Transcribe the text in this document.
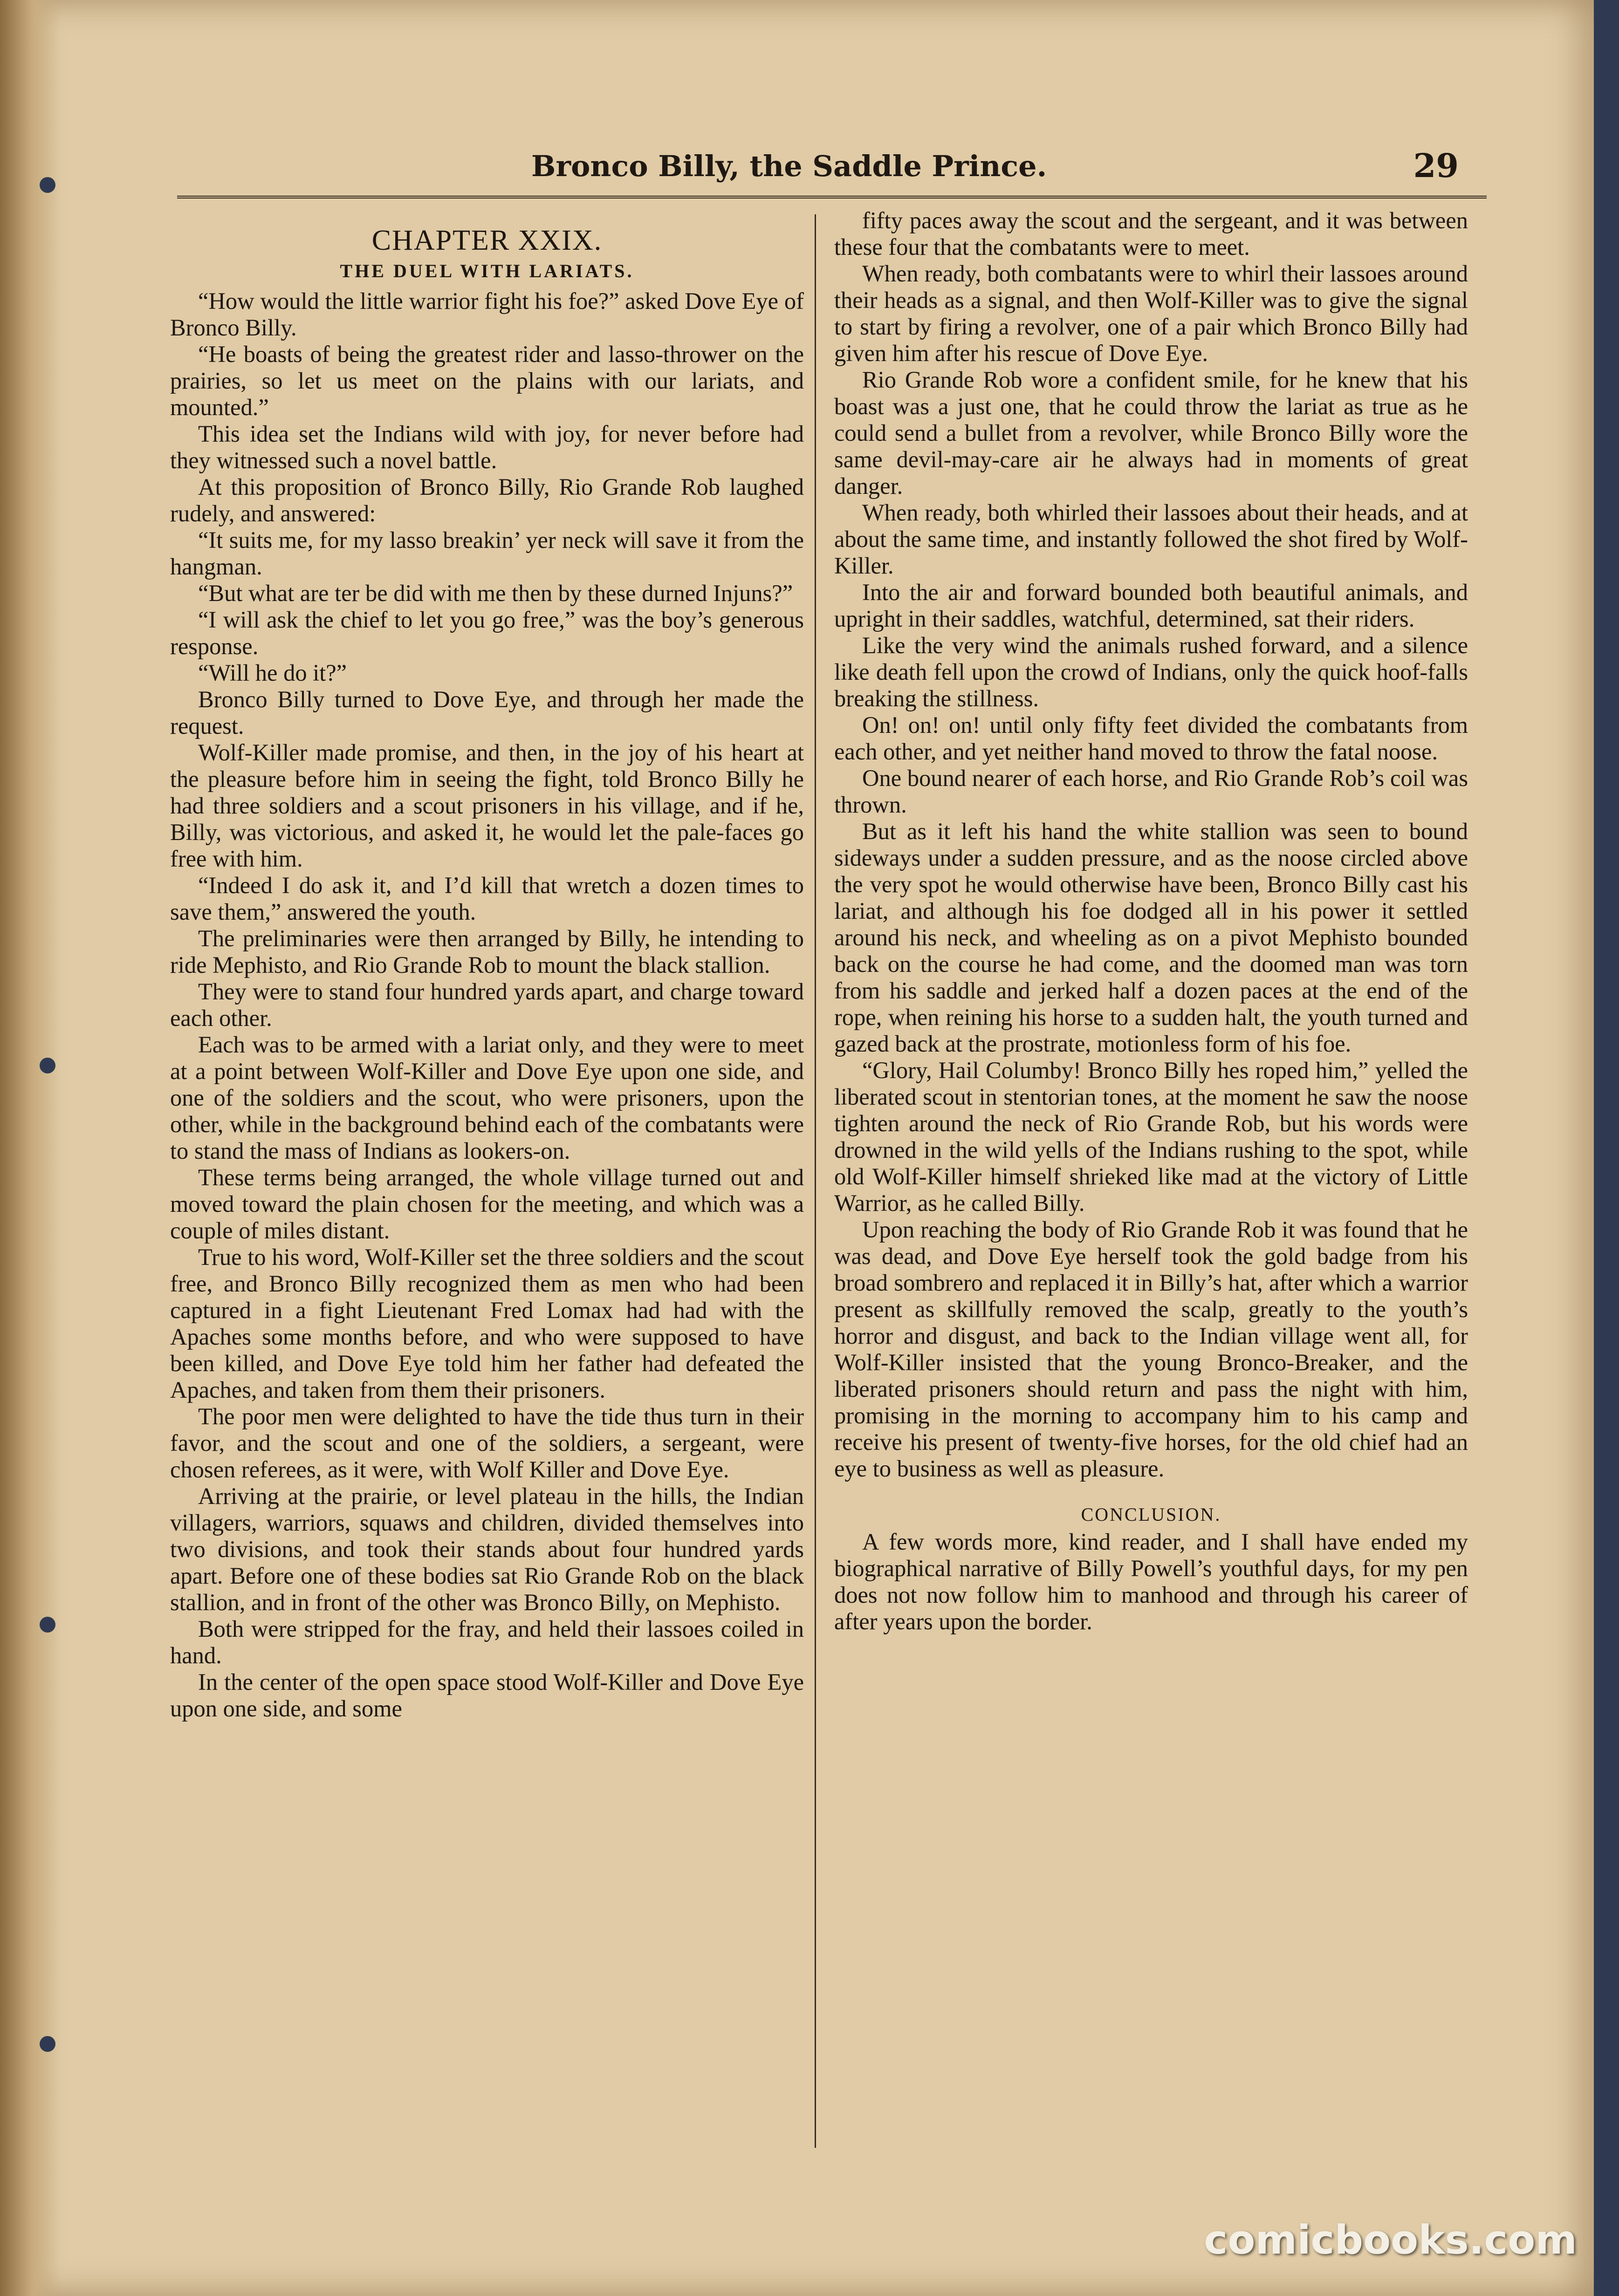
Bronco Billy, the Saddle Prince.	29
CHAPTER XXIX.
THE DUEL WITH LARIATS.

“How would the little warrior fight his foe?” asked Dove Eye of Bronco Billy.

“He boasts of being the greatest rider and lasso-thrower on the prairies, so let us meet on the plains with our lariats, and mounted.”

This idea set the Indians wild with joy, for never before had they witnessed such a novel battle.

At this proposition of Bronco Billy, Rio Grande Rob laughed rudely, and answered:

“It suits me, for my lasso breakin’ yer neck will save it from the hangman.

“But what are ter be did with me then by these durned Injuns?”

“I will ask the chief to let you go free,” was the boy’s generous response.

“Will he do it?”

Bronco Billy turned to Dove Eye, and through her made the request.

Wolf-Killer made promise, and then, in the joy of his heart at the pleasure before him in seeing the fight, told Bronco Billy he had three soldiers and a scout prisoners in his village, and if he, Billy, was victorious, and asked it, he would let the pale-faces go free with him.

“Indeed I do ask it, and I’d kill that wretch a dozen times to save them,” answered the youth.

The preliminaries were then arranged by Billy, he intending to ride Mephisto, and Rio Grande Rob to mount the black stallion.

They were to stand four hundred yards apart, and charge toward each other.

Each was to be armed with a lariat only, and they were to meet at a point between Wolf-Killer and Dove Eye upon one side, and one of the soldiers and the scout, who were prisoners, upon the other, while in the background behind each of the combatants were to stand the mass of Indians as lookers-on.

These terms being arranged, the whole village turned out and moved toward the plain chosen for the meeting, and which was a couple of miles distant.

True to his word, Wolf-Killer set the three soldiers and the scout free, and Bronco Billy recognized them as men who had been captured in a fight Lieutenant Fred Lomax had had with the Apaches some months before, and who were supposed to have been killed, and Dove Eye told him her father had defeated the Apaches, and taken from them their prisoners.

The poor men were delighted to have the tide thus turn in their favor, and the scout and one of the soldiers, a sergeant, were chosen referees, as it were, with Wolf Killer and Dove Eye.

Arriving at the prairie, or level plateau in the hills, the Indian villagers, warriors, squaws and children, divided themselves into two divisions, and took their stands about four hundred yards apart. Before one of these bodies sat Rio Grande Rob on the black stallion, and in front of the other was Bronco Billy, on Mephisto.

Both were stripped for the fray, and held their lassoes coiled in hand.

In the center of the open space stood Wolf-Killer and Dove Eye upon one side, and some

fifty paces away the scout and the sergeant, and it was between these four that the combatants were to meet.

When ready, both combatants were to whirl their lassoes around their heads as a signal, and then Wolf-Killer was to give the signal to start by firing a revolver, one of a pair which Bronco Billy had given him after his rescue of Dove Eye.

Rio Grande Rob wore a confident smile, for he knew that his boast was a just one, that he could throw the lariat as true as he could send a bullet from a revolver, while Bronco Billy wore the same devil-may-care air he always had in moments of great danger.

When ready, both whirled their lassoes about their heads, and at about the same time, and instantly followed the shot fired by Wolf-Killer.

Into the air and forward bounded both beautiful animals, and upright in their saddles, watchful, determined, sat their riders.

Like the very wind the animals rushed forward, and a silence like death fell upon the crowd of Indians, only the quick hoof-falls breaking the stillness.

On! on! on! until only fifty feet divided the combatants from each other, and yet neither hand moved to throw the fatal noose.

One bound nearer of each horse, and Rio Grande Rob’s coil was thrown.

But as it left his hand the white stallion was seen to bound sideways under a sudden pressure, and as the noose circled above the very spot he would otherwise have been, Bronco Billy cast his lariat, and although his foe dodged all in his power it settled around his neck, and wheeling as on a pivot Mephisto bounded back on the course he had come, and the doomed man was torn from his saddle and jerked half a dozen paces at the end of the rope, when reining his horse to a sudden halt, the youth turned and gazed back at the prostrate, motionless form of his foe.

“Glory, Hail Columby! Bronco Billy hes roped him,” yelled the liberated scout in stentorian tones, at the moment he saw the noose tighten around the neck of Rio Grande Rob, but his words were drowned in the wild yells of the Indians rushing to the spot, while old Wolf-Killer himself shrieked like mad at the victory of Little Warrior, as he called Billy.

Upon reaching the body of Rio Grande Rob it was found that he was dead, and Dove Eye herself took the gold badge from his broad sombrero and replaced it in Billy’s hat, after which a warrior present as skillfully removed the scalp, greatly to the youth’s horror and disgust, and back to the Indian village went all, for Wolf-Killer insisted that the young Bronco-Breaker, and the liberated prisoners should return and pass the night with him, promising in the morning to accompany him to his camp and receive his present of twenty-five horses, for the old chief had an eye to business as well as pleasure.

CONCLUSION.

A few words more, kind reader, and I shall have ended my biographical narrative of Billy Powell’s youthful days, for my pen does not now follow him to manhood and through his career of after years upon the border.

comicbooks.com
